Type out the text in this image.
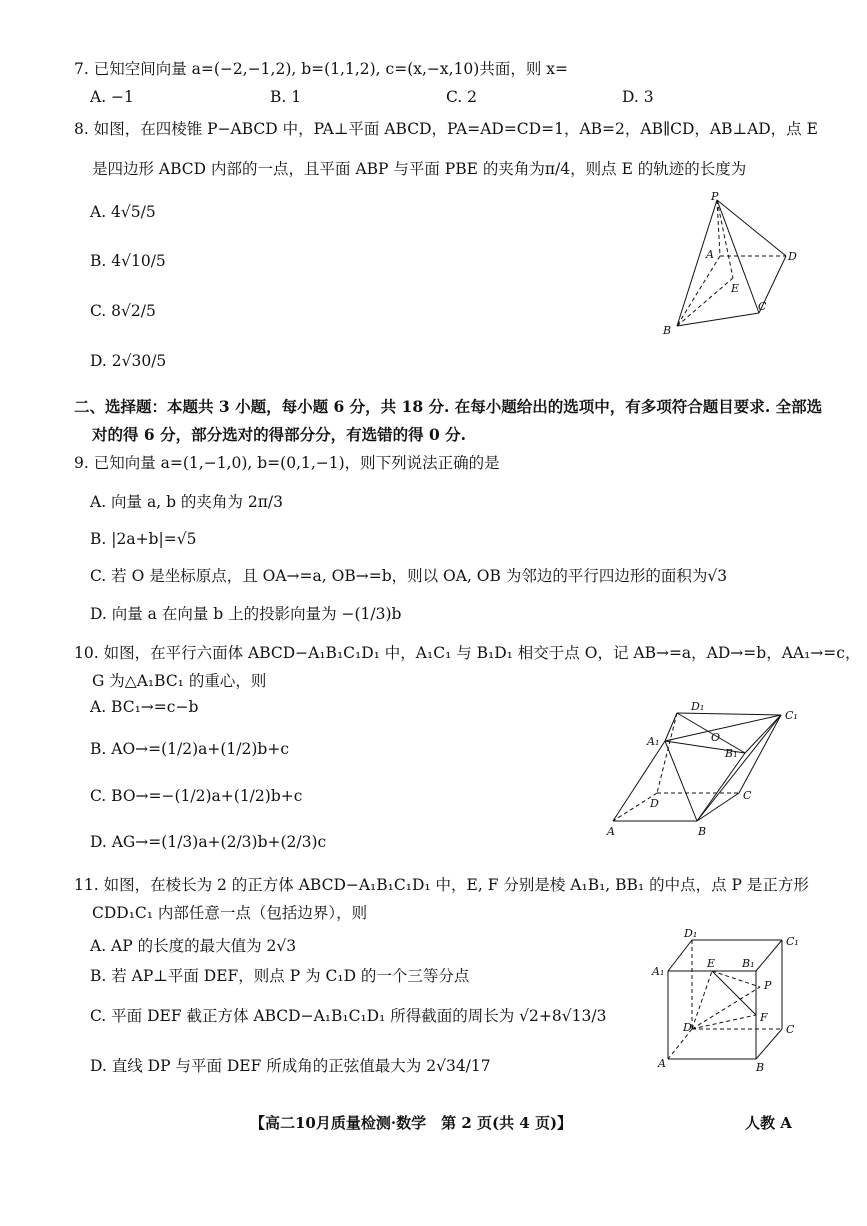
7. 已知空间向量 a=(−2,−1,2), b=(1,1,2), c=(x,−x,10)共面，则 x=
A. −1	B. 1	C. 2	D. 3
8. 如图，在四棱锥 P−ABCD 中，PA⊥平面 ABCD，PA=AD=CD=1，AB=2，AB∥CD，AB⊥AD，点 E
是四边形 ABCD 内部的一点，且平面 ABP 与平面 PBE 的夹角为π/4，则点 E 的轨迹的长度为
A. 4√5/5
B. 4√10/5
C. 8√2/5
D. 2√30/5
P
A	D
E
C
B
二、选择题：本题共 3 小题，每小题 6 分，共 18 分. 在每小题给出的选项中，有多项符合题目要求. 全部选
对的得 6 分，部分选对的得部分分，有选错的得 0 分.
9. 已知向量 a=(1,−1,0), b=(0,1,−1)，则下列说法正确的是
A. 向量 a, b 的夹角为 2π/3
B. |2a+b|=√5
C. 若 O 是坐标原点，且 OA→=a, OB→=b，则以 OA, OB 为邻边的平行四边形的面积为√3
D. 向量 a 在向量 b 上的投影向量为 −(1/3)b
10. 如图，在平行六面体 ABCD−A₁B₁C₁D₁ 中，A₁C₁ 与 B₁D₁ 相交于点 O，记 AB→=a，AD→=b，AA₁→=c，
G 为△A₁BC₁ 的重心，则
A. BC₁→=c−b
B. AO→=(1/2)a+(1/2)b+c
C. BO→=−(1/2)a+(1/2)b+c
D. AG→=(1/3)a+(2/3)b+(2/3)c
D₁
C₁
A₁	O
B₁
D
C
A	B
11. 如图，在棱长为 2 的正方体 ABCD−A₁B₁C₁D₁ 中，E, F 分别是棱 A₁B₁, BB₁ 的中点，点 P 是正方形
CDD₁C₁ 内部任意一点（包括边界），则
A. AP 的长度的最大值为 2√3
B. 若 AP⊥平面 DEF，则点 P 为 C₁D 的一个三等分点
C. 平面 DEF 截正方体 ABCD−A₁B₁C₁D₁ 所得截面的周长为 √2+8√13/3
D. 直线 DP 与平面 DEF 所成角的正弦值最大为 2√34/17
D₁
C₁
A₁
E B₁
P
F
D	C
A	B
【高二10月质量检测·数学　第 2 页(共 4 页)】	人教 A
